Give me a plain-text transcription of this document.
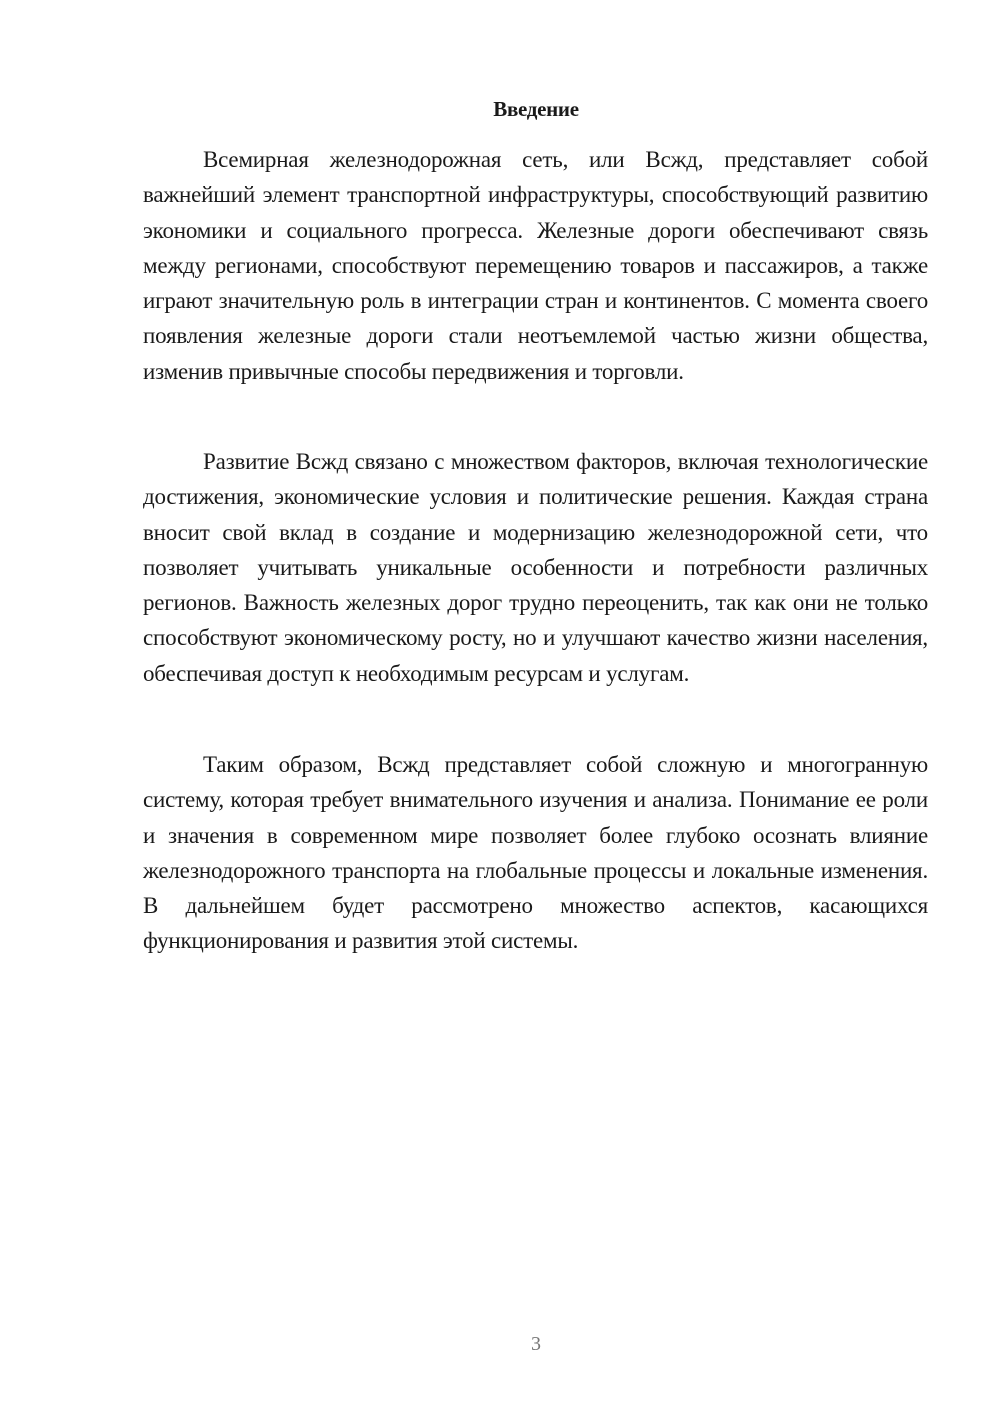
Введение

Всемирная железнодорожная сеть, или Всжд, представляет собой важнейший элемент транспортной инфраструктуры, способствующий развитию экономики и социального прогресса. Железные дороги обеспечивают связь между регионами, способствуют перемещению товаров и пассажиров, а также играют значительную роль в интеграции стран и континентов. С момента своего появления железные дороги стали неотъемлемой частью жизни общества, изменив привычные способы передвижения и торговли.

Развитие Всжд связано с множеством факторов, включая технологические достижения, экономические условия и политические решения. Каждая страна вносит свой вклад в создание и модернизацию железнодорожной сети, что позволяет учитывать уникальные особенности и потребности различных регионов. Важность железных дорог трудно переоценить, так как они не только способствуют экономическому росту, но и улучшают качество жизни населения, обеспечивая доступ к необходимым ресурсам и услугам.

Таким образом, Всжд представляет собой сложную и многогранную систему, которая требует внимательного изучения и анализа. Понимание ее роли и значения в современном мире позволяет более глубоко осознать влияние железнодорожного транспорта на глобальные процессы и локальные изменения. В дальнейшем будет рассмотрено множество аспектов, касающихся функционирования и развития этой системы.

3
